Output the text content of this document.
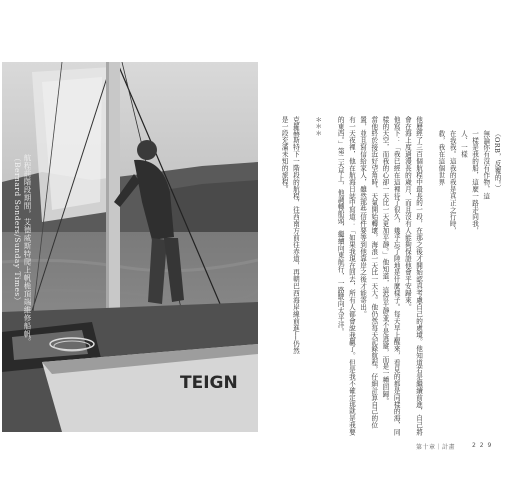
TEIGN
航程前階段期間，艾德威斯特爬上帆桅頂端維修船帆。
（Bernard Sonders/Sunday Times）	（ORB，反覆的。）

無論你有沒有作物，這

一樣是我的船，這麼一路走向我，

人、一樣

在我我。這我的我是真正之行時，

救，我在這個世界

他歷經了三百個航程中最長的一段，在那之後才開始認真考慮自己的處境。他知道若是繼續前進，自己將會在海上度過漫長的歲月，而且沒有人能夠保證他會平安歸來。

他寫下：「我已經在這裡待了很久，幾乎忘了陸地是什麼樣子。每天早上醒來，看見的都是同樣的海，同樣的天空，而我的心卻一天比一天更加平靜。」他知道，這份平靜並不是逃避，而是一種回歸。

當他終於接近好望角時，天氣開始轉壞，海浪一天比一天大。他仍然每天記錄航程，仔細計算自己的位置，並且寫信給家人，雖然那些信件要等到他靠岸之後才能寄出。

有一天夜裡，他在航海日誌中寫道：「如果我現在回去，所有人都會說我贏了。但是我不確定那就是我要的東西。」第二天早上，他調轉船頭，繼續向東航行，一路駛向太平洋。

＊＊＊

克羅赫斯特下一階段的航程，往西南方前往赤道，再朝巴西海岸線前進──仍然

是一段充滿未知的旅程。

第十章｜計畫	2 2 9
